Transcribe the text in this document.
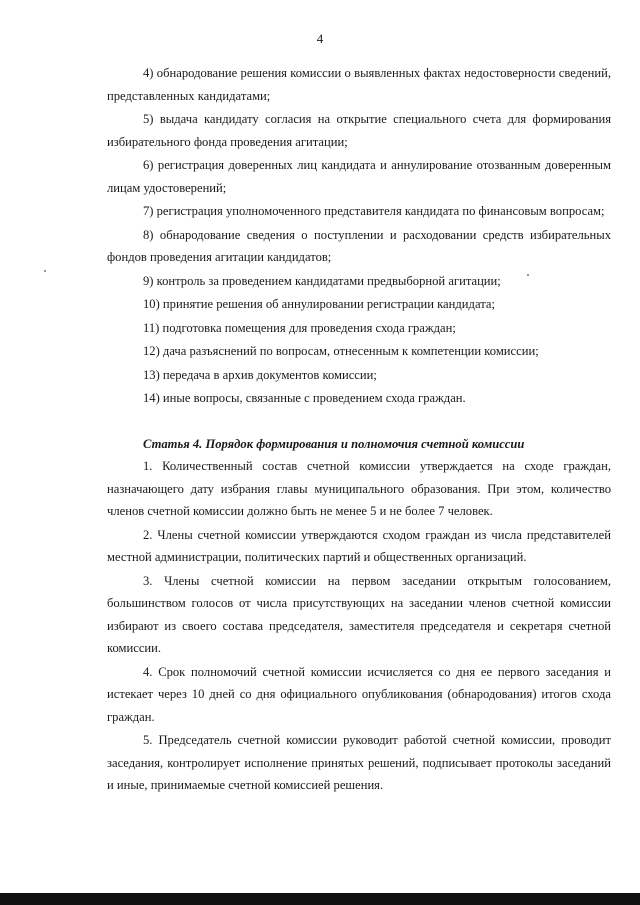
4

4) обнародование решения комиссии о выявленных фактах недостоверности сведений, представленных кандидатами;

5) выдача кандидату согласия на открытие специального счета для формирования избирательного фонда проведения агитации;

6) регистрация доверенных лиц кандидата и аннулирование отозванным доверенным лицам удостоверений;

7) регистрация уполномоченного представителя кандидата по финансовым вопросам;

8) обнародование сведения о поступлении и расходовании средств избирательных фондов проведения агитации кандидатов;

9) контроль за проведением кандидатами предвыборной агитации;

10) принятие решения об аннулировании регистрации кандидата;

11) подготовка помещения для проведения схода граждан;

12) дача разъяснений по вопросам, отнесенным к компетенции комиссии;

13) передача в архив документов комиссии;

14) иные вопросы, связанные с проведением схода граждан.

Статья 4. Порядок формирования и полномочия счетной комиссии

1. Количественный состав счетной комиссии утверждается на сходе граждан, назначающего дату избрания главы муниципального образования. При этом, количество членов счетной комиссии должно быть не менее 5 и не более 7 человек.

2. Члены счетной комиссии утверждаются сходом граждан из числа представителей местной администрации, политических партий и общественных организаций.

3. Члены счетной комиссии на первом заседании открытым голосованием, большинством голосов от числа присутствующих на заседании членов счетной комиссии избирают из своего состава председателя, заместителя председателя и секретаря счетной комиссии.

4. Срок полномочий счетной комиссии исчисляется со дня ее первого заседания и истекает через 10 дней со дня официального опубликования (обнародования) итогов схода граждан.

5. Председатель счетной комиссии руководит работой счетной комиссии, проводит заседания, контролирует исполнение принятых решений, подписывает протоколы заседаний и иные, принимаемые счетной комиссией решения.
